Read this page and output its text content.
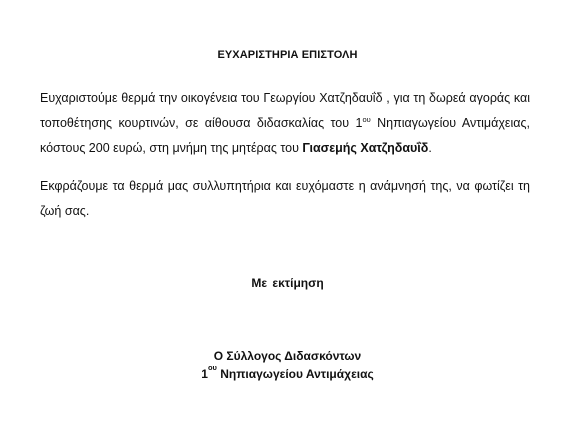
ΕΥΧΑΡΙΣΤΗΡΙΑ ΕΠΙΣΤΟΛΗ

Ευχαριστούμε θερμά την οικογένεια του Γεωργίου Χατζηδαυΐδ , για τη δωρεά αγοράς και τοποθέτησης κουρτινών, σε αίθουσα διδασκαλίας του $1^{o\upsilon}$ Νηπιαγωγείου Αντιμάχειας, κόστους 200 ευρώ, στη μνήμη της μητέρας του Γιασεμής Χατζηδαυΐδ.

Εκφράζουμε τα θερμά μας συλλυπητήρια και ευχόμαστε η ανάμνησή της, να φωτίζει τη ζωή σας.

Με εκτίμηση
Ο Σύλλογος Διδασκόντων
$1^{o\upsilon}$ Νηπιαγωγείου Αντιμάχειας
